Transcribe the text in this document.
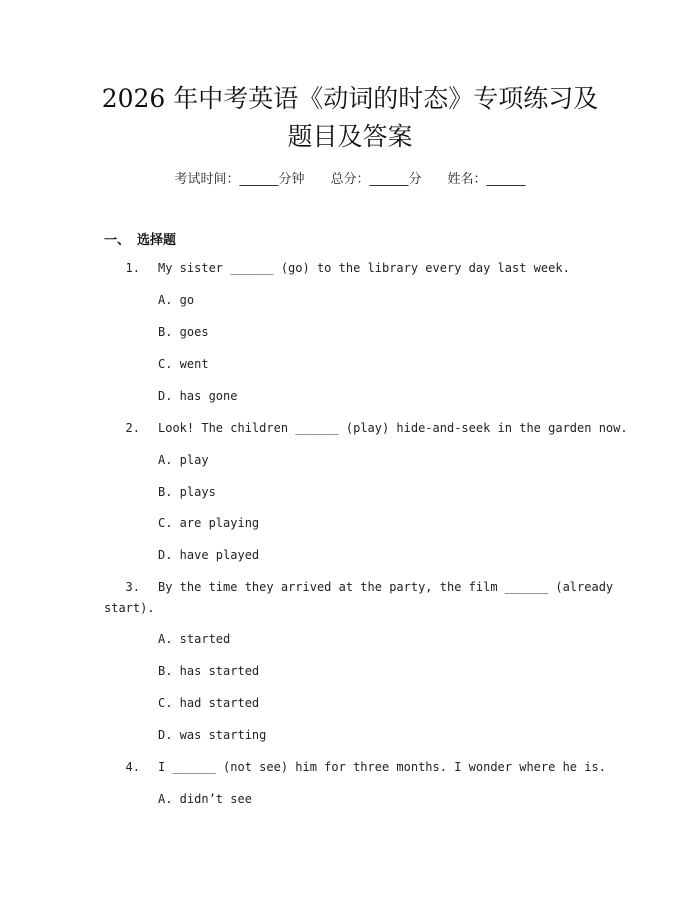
2026 年中考英语《动词的时态》专项练习及
题目及答案
考试时间：______分钟 总分：______分 姓名：______
一、 选择题
1. My sister ______ (go) to the library every day last week.
A. go
B. goes
C. went
D. has gone
2. Look! The children ______ (play) hide-and-seek in the garden now.
A. play
B. plays
C. are playing
D. have played
3. By the time they arrived at the party, the film ______ (already
start).
A. started
B. has started
C. had started
D. was starting
4. I ______ (not see) him for three months. I wonder where he is.
A. didn’t see
